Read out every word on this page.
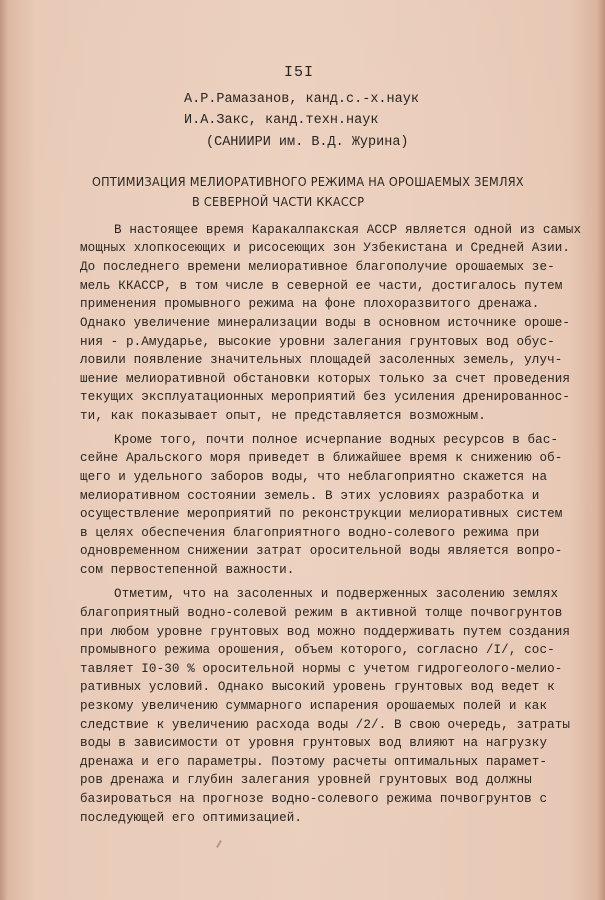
I5I
А.Р.Рамазанов, канд.с.-х.наук
И.А.Закс, канд.техн.наук
(САНИИРИ им. В.Д. Журина)
ОПТИМИЗАЦИЯ МЕЛИОРАТИВНОГО РЕЖИМА НА ОРОШАЕМЫХ ЗЕМЛЯХ
В СЕВЕРНОЙ ЧАСТИ ККАССР
В настоящее время Каракалпакская АССР является одной из самых
мощных хлопкосеющих и рисосеющих зон Узбекистана и Средней Азии.
До последнего времени мелиоративное благополучие орошаемых зе-
мель ККАССР, в том числе в северной ее части, достигалось путем
применения промывного режима на фоне плохоразвитого дренажа.
Однако увеличение минерализации воды в основном источнике ороше-
ния - р.Амударье, высокие уровни залегания грунтовых вод обус-
ловили появление значительных площадей засоленных земель, улуч-
шение мелиоративной обстановки которых только за счет проведения
текущих эксплуатационных мероприятий без усиления дренированнос-
ти, как показывает опыт, не представляется возможным.
Кроме того, почти полное исчерпание водных ресурсов в бас-
сейне Аральского моря приведет в ближайшее время к снижению об-
щего и удельного заборов воды, что неблагоприятно скажется на
мелиоративном состоянии земель. В этих условиях разработка и
осуществление мероприятий по реконструкции мелиоративных систем
в целях обеспечения благоприятного водно-солевого режима при
одновременном снижении затрат оросительной воды является вопро-
сом первостепенной важности.
Отметим, что на засоленных и подверженных засолению землях
благоприятный водно-солевой режим в активной толще почвогрунтов
при любом уровне грунтовых вод можно поддерживать путем создания
промывного режима орошения, объем которого, согласно /I/, сос-
тавляет I0-30 % оросительной нормы с учетом гидрогеолого-мелио-
ративных условий. Однако высокий уровень грунтовых вод ведет к
резкому увеличению суммарного испарения орошаемых полей и как
следствие к увеличению расхода воды /2/. В свою очередь, затраты
воды в зависимости от уровня грунтовых вод влияют на нагрузку
дренажа и его параметры. Поэтому расчеты оптимальных парамет-
ров дренажа и глубин залегания уровней грунтовых вод должны
базироваться на прогнозе водно-солевого режима почвогрунтов с
последующей его оптимизацией.
